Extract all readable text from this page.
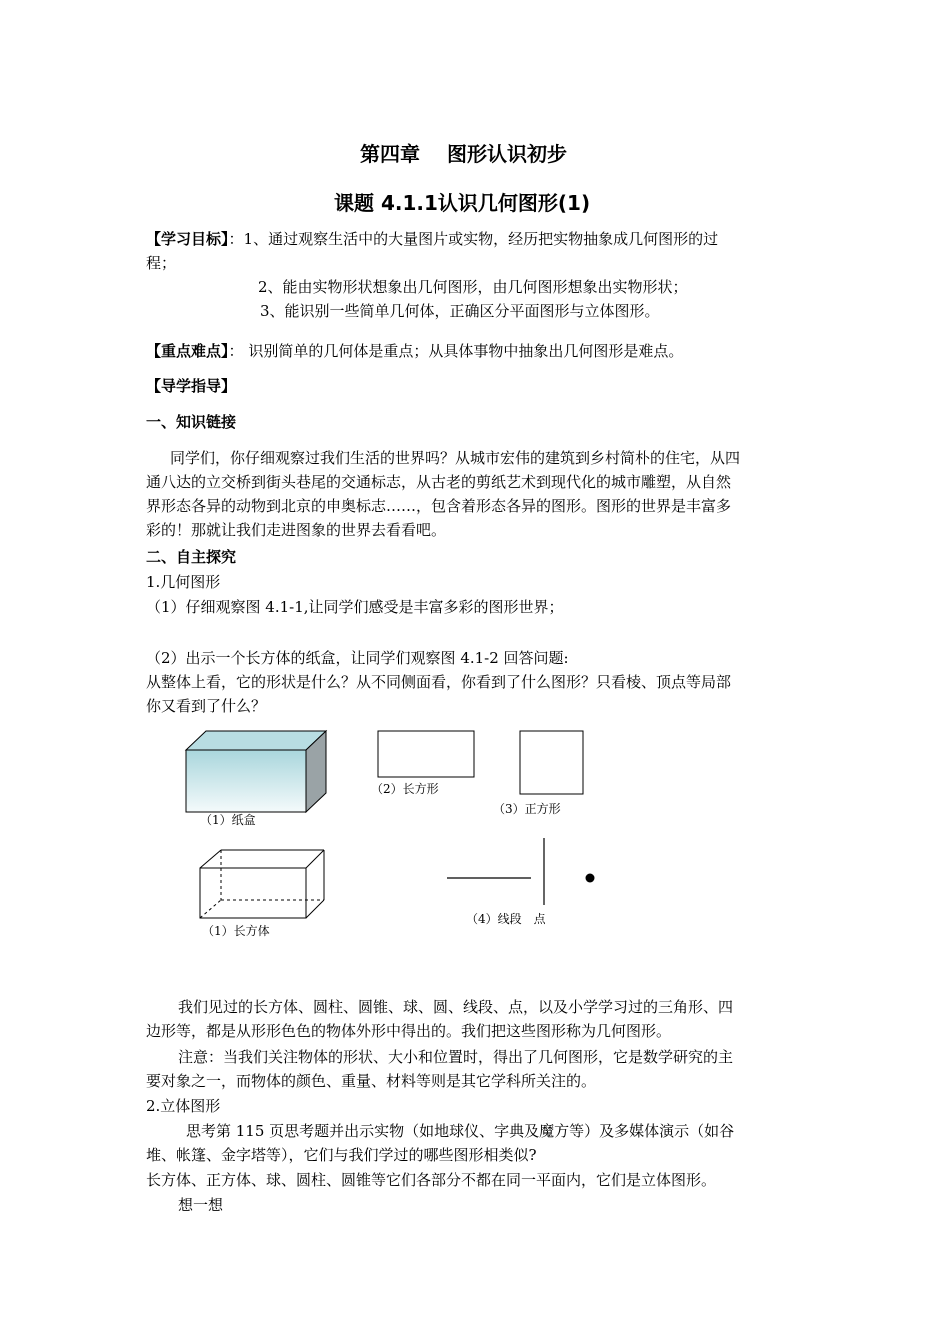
第四章　 图形认识初步
课题 4.1.1认识几何图形(1)
【学习目标】：1、通过观察生活中的大量图片或实物，经历把实物抽象成几何图形的过
程；
2、能由实物形状想象出几何图形，由几何图形想象出实物形状；
3、能识别一些简单几何体，正确区分平面图形与立体图形。
【重点难点】： 识别简单的几何体是重点；从具体事物中抽象出几何图形是难点。
【导学指导】
一、知识链接
同学们，你仔细观察过我们生活的世界吗？从城市宏伟的建筑到乡村简朴的住宅，从四
通八达的立交桥到街头巷尾的交通标志，从古老的剪纸艺术到现代化的城市雕塑，从自然
界形态各异的动物到北京的申奥标志……，包含着形态各异的图形。图形的世界是丰富多
彩的！那就让我们走进图象的世界去看看吧。
二、自主探究
1.几何图形
（1）仔细观察图 4.1-1,让同学们感受是丰富多彩的图形世界；
（2）出示一个长方体的纸盒，让同学们观察图 4.1-2 回答问题:
从整体上看，它的形状是什么？从不同侧面看，你看到了什么图形？只看棱、顶点等局部
你又看到了什么？
（2）长方形
（3）正方形
（1）纸盒
（1）长方体
（4）线段　点
我们见过的长方体、圆柱、圆锥、球、圆、线段、点，以及小学学习过的三角形、四
边形等，都是从形形色色的物体外形中得出的。我们把这些图形称为几何图形。
注意：当我们关注物体的形状、大小和位置时，得出了几何图形，它是数学研究的主
要对象之一，而物体的颜色、重量、材料等则是其它学科所关注的。
2.立体图形
思考第 115 页思考题并出示实物（如地球仪、字典及魔方等）及多媒体演示（如谷
堆、帐篷、金字塔等），它们与我们学过的哪些图形相类似?
长方体、正方体、球、圆柱、圆锥等它们各部分不都在同一平面内，它们是立体图形。
想一想
